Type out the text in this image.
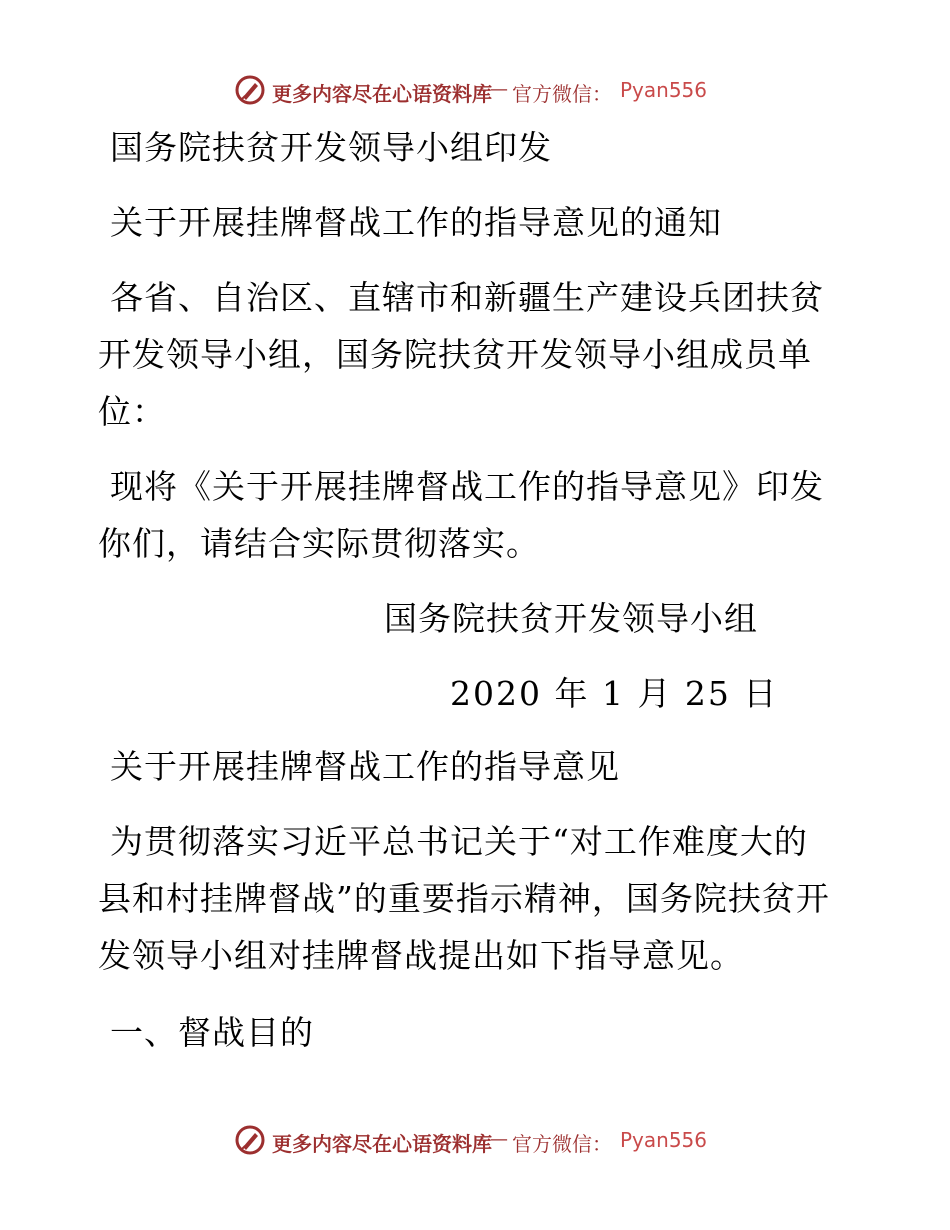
更多内容尽在心语资料库
— 官方微信： Pyan556
国务院扶贫开发领导小组印发
关于开展挂牌督战工作的指导意见的通知
各省、自治区、直辖市和新疆生产建设兵团扶贫
开发领导小组，国务院扶贫开发领导小组成员单
位：
现将《关于开展挂牌督战工作的指导意见》印发
你们，请结合实际贯彻落实。
国务院扶贫开发领导小组
2020 年 1 月 25 日
关于开展挂牌督战工作的指导意见
为贯彻落实习近平总书记关于“对工作难度大的
县和村挂牌督战”的重要指示精神，国务院扶贫开
发领导小组对挂牌督战提出如下指导意见。
一、督战目的
更多内容尽在心语资料库
— 官方微信： Pyan556
